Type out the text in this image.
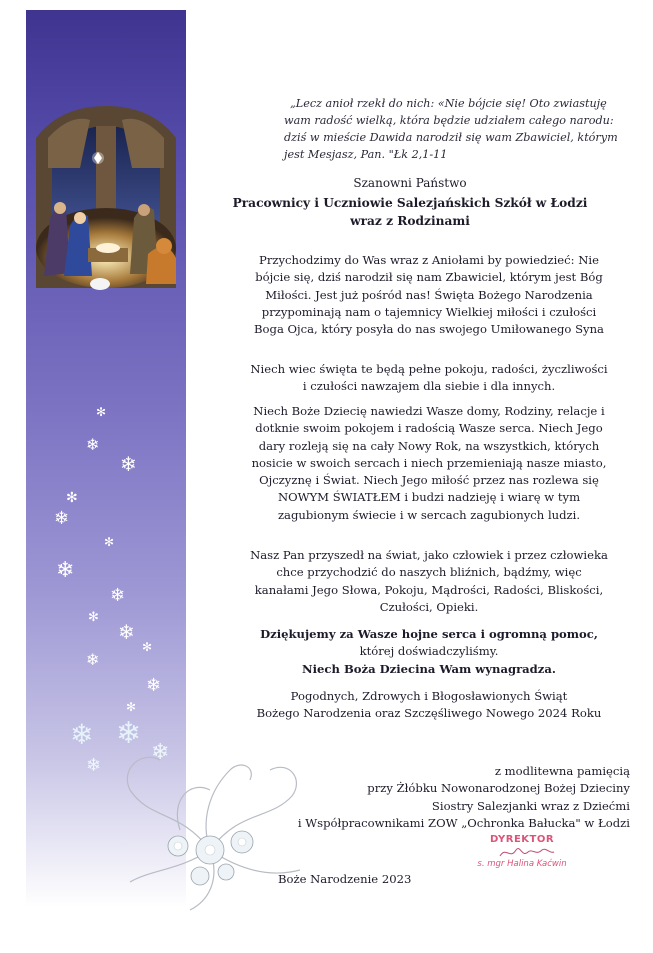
✻
❄
❄
✻
❄
✻
❄
❄
✻
❄
✻
❄
❄
✻
❄ ❄
❄
❄
„Lecz anioł rzekł do nich: «Nie bójcie się! Oto zwiastuję wam radość wielką, która będzie udziałem całego narodu: dziś w mieście Dawida narodził się wam Zbawiciel, którym jest Mesjasz, Pan. "Łk 2,1-11
Szanowni Państwo
Pracownicy i Uczniowie Salezjańskich Szkół w Łodzi
wraz z Rodzinami
Przychodzimy do Was wraz z Aniołami by powiedzieć: Nie bójcie się, dziś narodził się nam Zbawiciel, którym jest Bóg Miłości. Jest już pośród nas! Święta Bożego Narodzenia przypominają nam o tajemnicy Wielkiej miłości i czułości Boga Ojca, który posyła do nas swojego Umiłowanego Syna
Niech wiec święta te będą pełne pokoju, radości, życzliwości i czułości nawzajem dla siebie i dla innych.
Niech Boże Dziecię nawiedzi Wasze domy, Rodziny, relacje i dotknie swoim pokojem i radością Wasze serca. Niech Jego dary rozleją się na cały Nowy Rok, na wszystkich, których nosicie w swoich sercach i niech przemieniają nasze miasto, Ojczyznę i Świat. Niech Jego miłość przez nas rozlewa się NOWYM ŚWIATŁEM i budzi nadzieję i wiarę w tym zagubionym świecie i w sercach zagubionych ludzi.
Nasz Pan przyszedł na świat, jako człowiek i przez człowieka chce przychodzić do naszych bliźnich, bądźmy, więc kanałami Jego Słowa, Pokoju, Mądrości, Radości, Bliskości, Czułości, Opieki.
Dziękujemy za Wasze hojne serca i ogromną pomoc,
której doświadczyliśmy.
Niech Boża Dziecina Wam wynagradza.
Pogodnych, Zdrowych i Błogosławionych Świąt
Bożego Narodzenia oraz Szczęśliwego Nowego 2024 Roku
z modlitewna pamięcią
przy Żłóbku Nowonarodzonej Bożej Dzieciny
Siostry Salezjanki wraz z Dziećmi
i Współpracownikami ZOW „Ochronka Bałucka" w Łodzi
DYREKTOR
s. mgr Halina Kaćwin
Boże Narodzenie 2023
